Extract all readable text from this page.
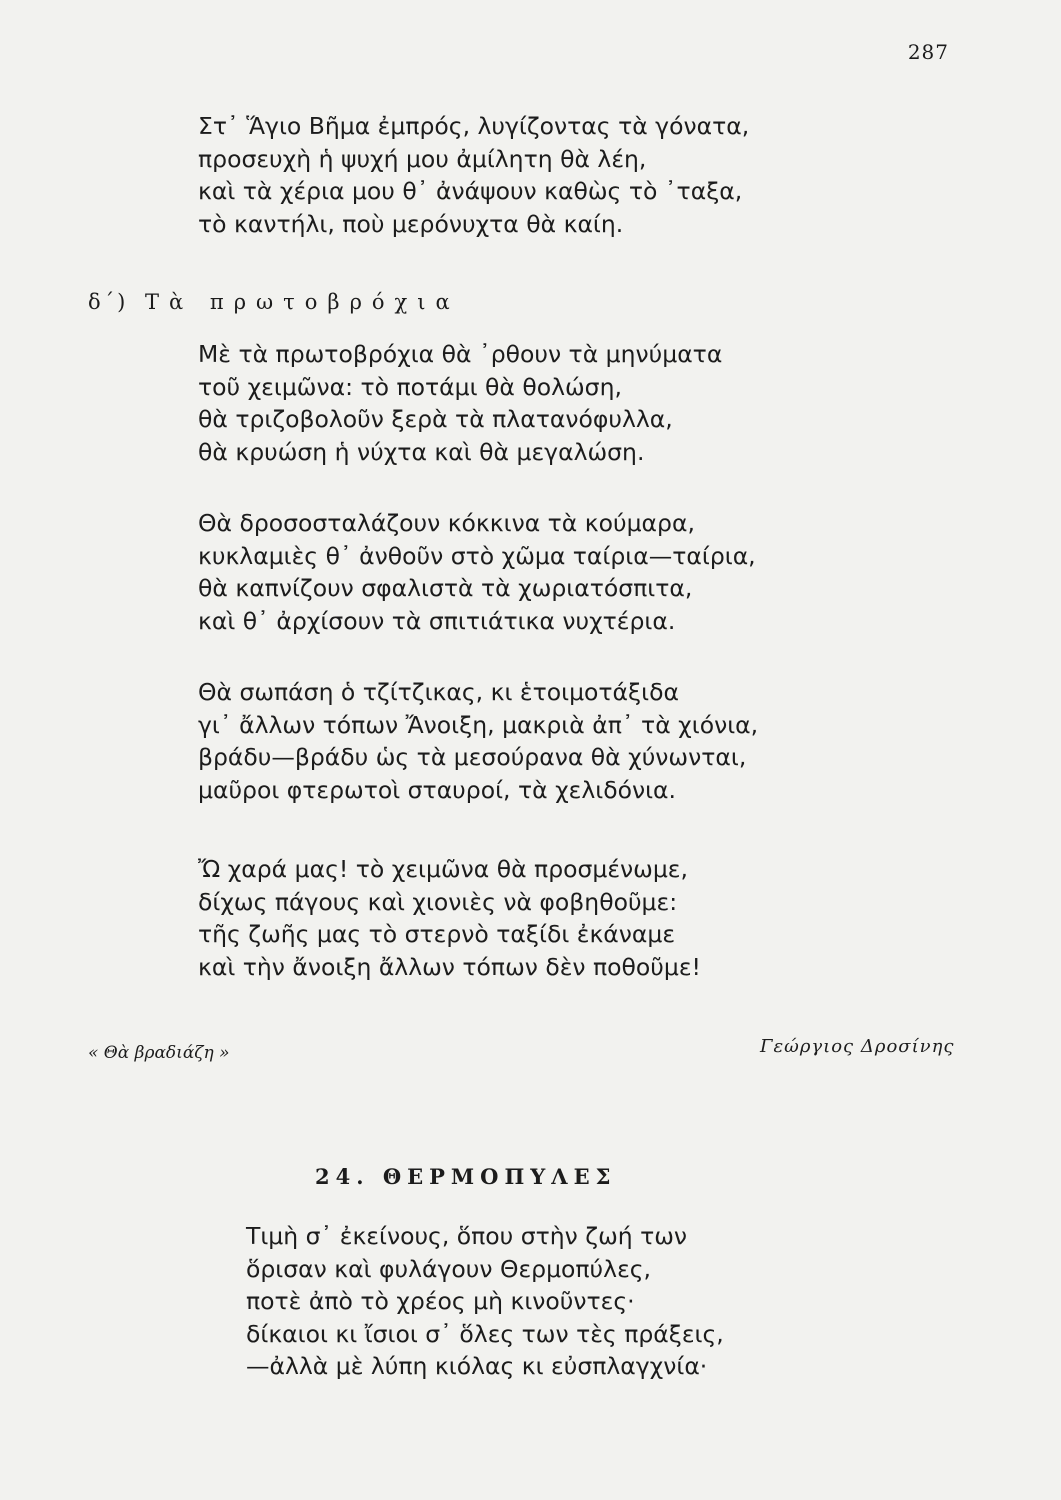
287
Στ᾿ Ἅγιο Βῆμα ἐμπρός, λυγίζοντας τὰ γόνατα,
προσευχὴ ἡ ψυχή μου ἀμίλητη θὰ λέη,
καὶ τὰ χέρια μου θ᾿ ἀνάψουν καθὼς τὸ ᾽ταξα,
τὸ καντήλι, ποὺ μερόνυχτα θὰ καίη.
δ΄) Τὰ πρωτοβρόχια
Μὲ τὰ πρωτοβρόχια θὰ ᾽ρθουν τὰ μηνύματα
τοῦ χειμῶνα: τὸ ποτάμι θὰ θολώση,
θὰ τριζοβολοῦν ξερὰ τὰ πλατανόφυλλα,
θὰ κρυώση ἡ νύχτα καὶ θὰ μεγαλώση.
Θὰ δροσοσταλάζουν κόκκινα τὰ κούμαρα,
κυκλαμιὲς θ᾿ ἀνθοῦν στὸ χῶμα ταίρια—ταίρια,
θὰ καπνίζουν σφαλιστὰ τὰ χωριατόσπιτα,
καὶ θ᾿ ἀρχίσουν τὰ σπιτιάτικα νυχτέρια.
Θὰ σωπάση ὁ τζίτζικας, κι ἑτοιμοτάξιδα
γι᾿ ἄλλων τόπων Ἄνοιξη, μακριὰ ἀπ᾿ τὰ χιόνια,
βράδυ—βράδυ ὡς τὰ μεσούρανα θὰ χύνωνται,
μαῦροι φτερωτοὶ σταυροί, τὰ χελιδόνια.
Ὤ χαρά μας! τὸ χειμῶνα θὰ προσμένωμε,
δίχως πάγους καὶ χιονιὲς νὰ φοβηθοῦμε:
τῆς ζωῆς μας τὸ στερνὸ ταξίδι ἐκάναμε
καὶ τὴν ἄνοιξη ἄλλων τόπων δὲν ποθοῦμε!
« Θὰ βραδιάζη »	Γεώργιος Δροσίνης
24. ΘΕΡΜΟΠΥΛΕΣ
Τιμὴ σ᾿ ἐκείνους, ὅπου στὴν ζωή των
ὅρισαν καὶ φυλάγουν Θερμοπύλες,
ποτὲ ἀπὸ τὸ χρέος μὴ κινοῦντες·
δίκαιοι κι ἴσιοι σ᾿ ὅλες των τὲς πράξεις,
—ἀλλὰ μὲ λύπη κιόλας κι εὐσπλαγχνία·
